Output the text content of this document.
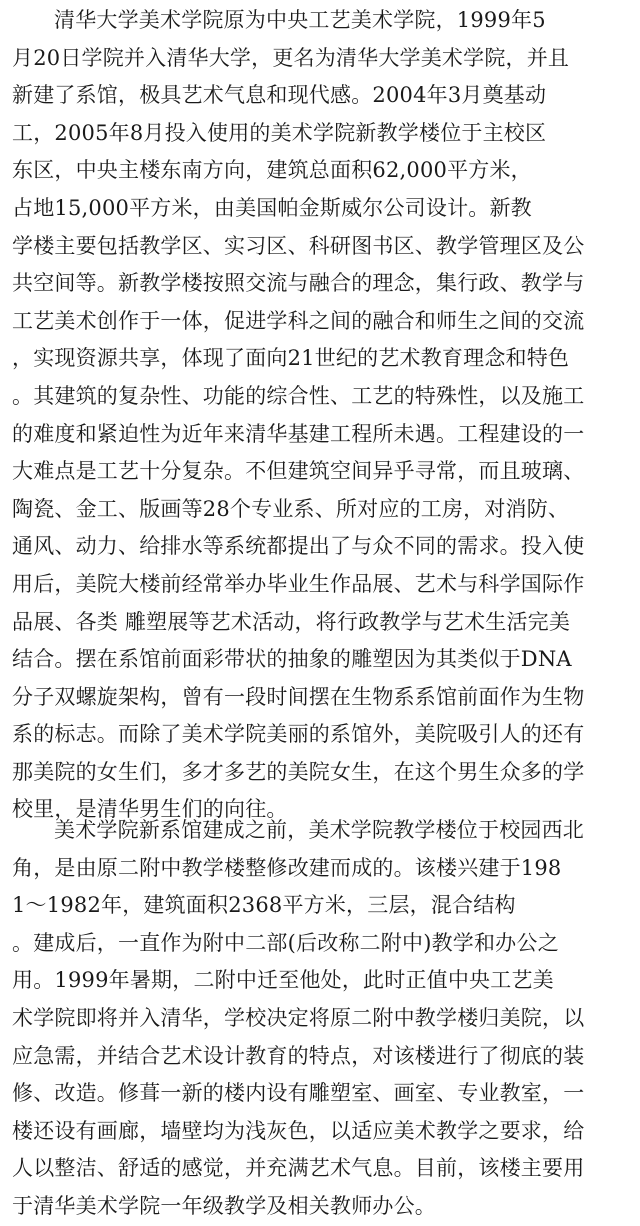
清华大学美术学院原为中央工艺美术学院，1999年5
月20日学院并入清华大学，更名为清华大学美术学院，并且
新建了系馆，极具艺术气息和现代感。2004年3月奠基动
工，2005年8月投入使用的美术学院新教学楼位于主校区
东区，中央主楼东南方向，建筑总面积62,000平方米，
占地15,000平方米，由美国帕金斯威尔公司设计。新教
学楼主要包括教学区、实习区、科研图书区、教学管理区及公
共空间等。新教学楼按照交流与融合的理念，集行政、教学与
工艺美术创作于一体，促进学科之间的融合和师生之间的交流
，实现资源共享，体现了面向21世纪的艺术教育理念和特色
。其建筑的复杂性、功能的综合性、工艺的特殊性，以及施工
的难度和紧迫性为近年来清华基建工程所未遇。工程建设的一
大难点是工艺十分复杂。不但建筑空间异乎寻常，而且玻璃、
陶瓷、金工、版画等28个专业系、所对应的工房，对消防、
通风、动力、给排水等系统都提出了与众不同的需求。投入使
用后，美院大楼前经常举办毕业生作品展、艺术与科学国际作
品展、各类 雕塑展等艺术活动，将行政教学与艺术生活完美
结合。摆在系馆前面彩带状的抽象的雕塑因为其类似于DNA
分子双螺旋架构，曾有一段时间摆在生物系系馆前面作为生物
系的标志。而除了美术学院美丽的系馆外，美院吸引人的还有
那美院的女生们，多才多艺的美院女生，在这个男生众多的学
校里，是清华男生们的向往。
美术学院新系馆建成之前，美术学院教学楼位于校园西北
角，是由原二附中教学楼整修改建而成的。该楼兴建于198
1～1982年，建筑面积2368平方米，三层，混合结构
。建成后，一直作为附中二部(后改称二附中)教学和办公之
用。1999年暑期，二附中迁至他处，此时正值中央工艺美
术学院即将并入清华，学校决定将原二附中教学楼归美院，以
应急需，并结合艺术设计教育的特点，对该楼进行了彻底的装
修、改造。修葺一新的楼内设有雕塑室、画室、专业教室，一
楼还设有画廊，墙壁均为浅灰色，以适应美术教学之要求，给
人以整洁、舒适的感觉，并充满艺术气息。目前，该楼主要用
于清华美术学院一年级教学及相关教师办公。
